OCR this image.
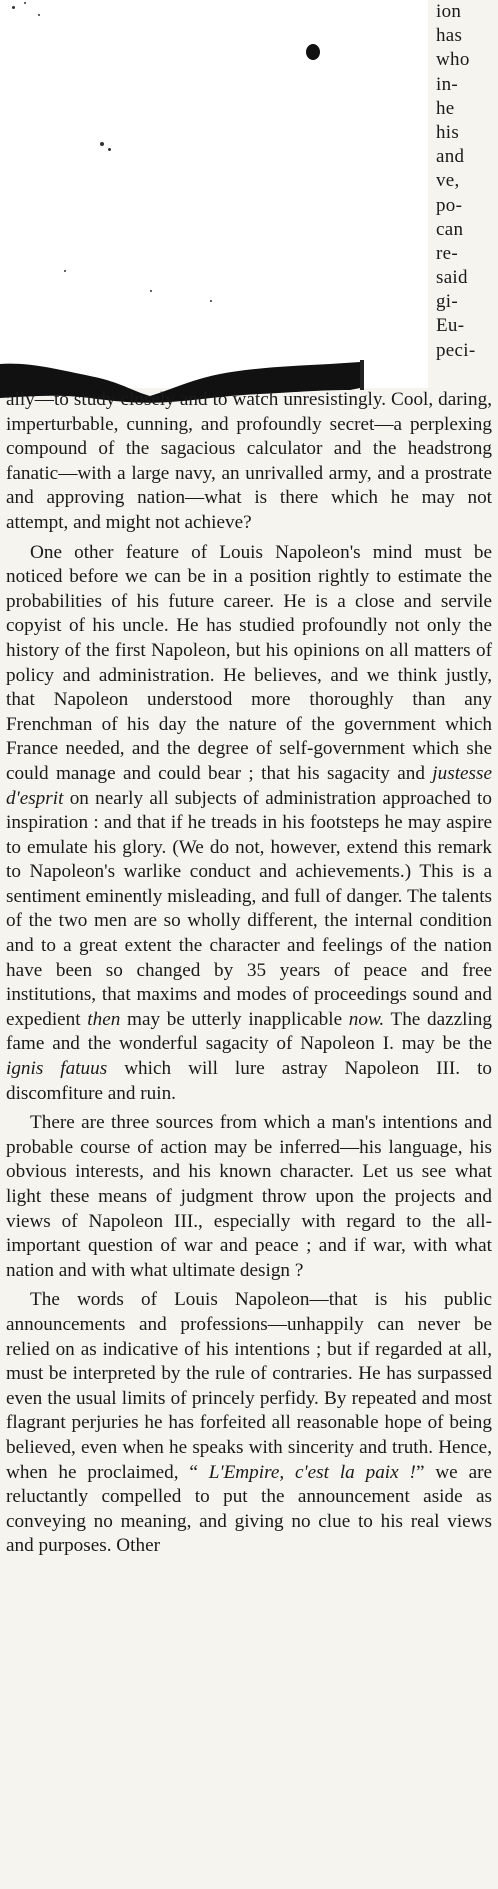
ion
has
who
in-
he
his
and
ve,
po-
can
re-
said
gi-
Eu-
peci-

ally—to study closely and to watch unresistingly. Cool, daring, imperturbable, cunning, and profoundly secret—a perplexing compound of the sagacious calculator and the headstrong fanatic—with a large navy, an unrivalled army, and a prostrate and approving nation—what is there which he may not attempt, and might not achieve?

One other feature of Louis Napoleon's mind must be noticed before we can be in a position rightly to estimate the probabilities of his future career. He is a close and servile copyist of his uncle. He has studied profoundly not only the history of the first Napoleon, but his opinions on all matters of policy and administration. He believes, and we think justly, that Napoleon understood more thoroughly than any Frenchman of his day the nature of the government which France needed, and the degree of self-government which she could manage and could bear ; that his sagacity and justesse d'esprit on nearly all subjects of administration approached to inspiration : and that if he treads in his footsteps he may aspire to emulate his glory. (We do not, however, extend this remark to Napoleon's warlike conduct and achievements.) This is a sentiment eminently misleading, and full of danger. The talents of the two men are so wholly different, the internal condition and to a great extent the character and feelings of the nation have been so changed by 35 years of peace and free institutions, that maxims and modes of proceedings sound and expedient then may be utterly inapplicable now. The dazzling fame and the wonderful sagacity of Napoleon I. may be the ignis fatuus which will lure astray Napoleon III. to discomfiture and ruin.

There are three sources from which a man's intentions and probable course of action may be inferred—his language, his obvious interests, and his known character. Let us see what light these means of judgment throw upon the projects and views of Napoleon III., especially with regard to the all-important question of war and peace ; and if war, with what nation and with what ultimate design ?

The words of Louis Napoleon—that is his public announcements and professions—unhappily can never be relied on as indicative of his intentions ; but if regarded at all, must be interpreted by the rule of contraries. He has surpassed even the usual limits of princely perfidy. By repeated and most flagrant perjuries he has forfeited all reasonable hope of being believed, even when he speaks with sincerity and truth. Hence, when he proclaimed, “ L'Empire, c'est la paix !” we are reluctantly compelled to put the announcement aside as conveying no meaning, and giving no clue to his real views and purposes. Other
